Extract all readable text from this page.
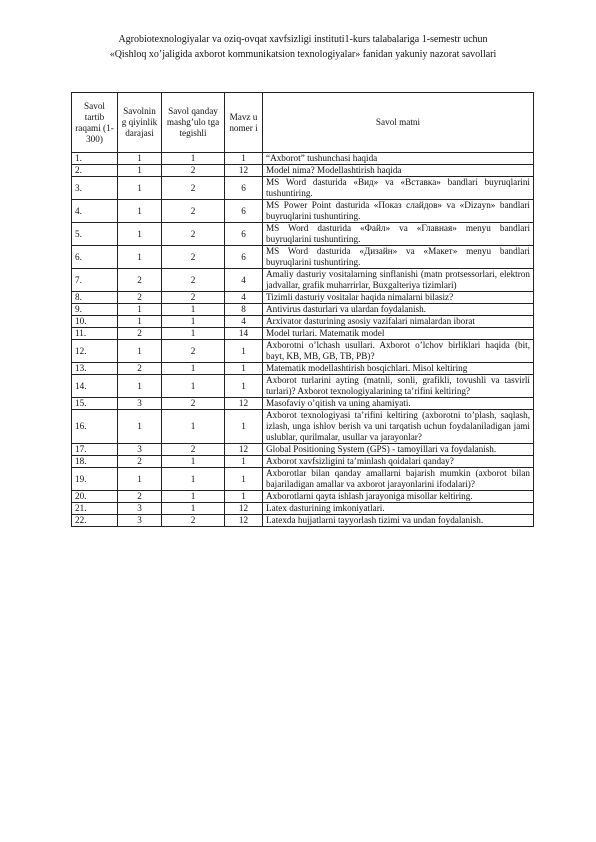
Agrobiotexnologiyalar va oziq-ovqat xavfsizligi instituti1-kurs talabalariga 1-semestr uchun
«Qishloq xo’jaligida axborot kommunikatsion texnologiyalar» fanidan yakuniy nazorat savollari
Savol tartib raqami (1-300)	Savolnin g qiyinlik darajasi	Savol qanday mashg’ulo tga tegishli	Mavz u nomer i	Savol matni
1.	1	1	1	“Axborot” tushunchasi haqida
2.	1	2	12	Model nima? Modellashtirish haqida
3.	1	2	6	MS Word dasturida «Вид» va «Вставка» bandlari buyruqlarini tushuntiring.
4.	1	2	6	MS Power Point dasturida «Показ слайдов» va «Dizayn» bandlari buyruqlarini tushuntiring.
5.	1	2	6	MS Word dasturida «Файл» va «Главная» menyu bandlari buyruqlarini tushuntiring.
6.	1	2	6	MS Word dasturida «Дизайн» va «Макет» menyu bandlari buyruqlarini tushuntiring.
7.	2	2	4	Amaliy dasturiy vositalarning sinflanishi (matn protsessorlari, elektron jadvallar, grafik muharrirlar, Buxgalteriya tizimlari)
8.	2	2	4	Tizimli dasturiy vositalar haqida nimalarni bilasiz?
9.	1	1	8	Antivirus dasturlari va ulardan foydalanish.
10.	1	1	4	Arxivator dasturining asosiy vazifalari nimalardan iborat
11.	2	1	14	Model turlari. Matematik model
12.	1	2	1	Axborotni o’lchash usullari. Axborot o’lchov birliklari haqida (bit, bayt, KB, MB, GB, TB, PB)?
13.	2	1	1	Matematik modellashtirish bosqichlari. Misol keltiring
14.	1	1	1	Axborot turlarini ayting (matnli, sonli, grafikli, tovushli va tasvirli turlari)? Axborot texnologiyalarining ta’rifini keltiring?
15.	3	2	12	Masofaviy o’qitish va uning ahamiyati.
16.	1	1	1	Axborot texnologiyasi ta’rifini keltiring (axborotni to’plash, saqlash, izlash, unga ishlov berish va uni tarqatish uchun foydalaniladigan jami uslublar, qurilmalar, usullar va jarayonlar?
17.	3	2	12	Global Positioning System (GPS) - tamoyillari va foydalanish.
18.	2	1	1	Axborot xavfsizligini ta’minlash qoidalari qanday?
19.	1	1	1	Axborotlar bilan qanday amallarni bajarish mumkin (axborot bilan bajariladigan amallar va axborot jarayonlarini ifodalari)?
20.	2	1	1	Axborotlarni qayta ishlash jarayoniga misollar keltiring.
21.	3	1	12	Latex dasturining imkoniyatlari.
22.	3	2	12	Latexda hujjatlarni tayyorlash tizimi va undan foydalanish.
